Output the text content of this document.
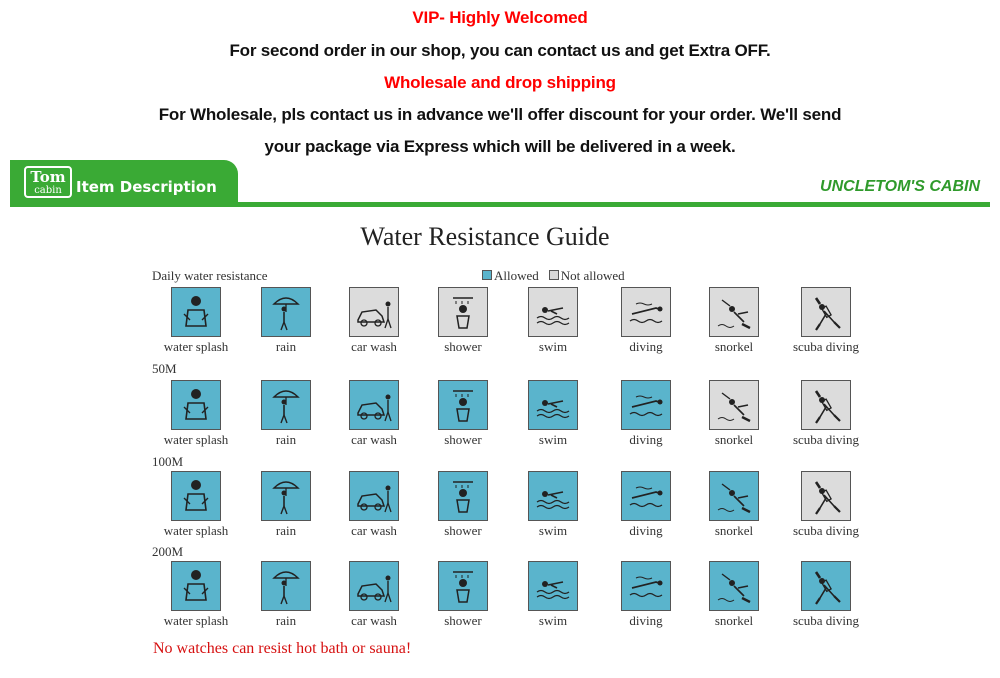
VIP- Highly Welcomed
For second order in our shop, you can contact us and get Extra OFF.
Wholesale and drop shipping
For Wholesale, pls contact us in advance we'll offer discount for your order. We'll send
your package via Express which will be delivered in a week.
Tom
cabin Item Description	UNCLETOM'S CABIN
Water Resistance Guide
Allowed	Not allowed
Daily water resistance
water splash	rain	car wash	shower	swim	diving	snorkel	scuba diving
50M
water splash	rain	car wash	shower	swim	diving	snorkel	scuba diving
100M
water splash	rain	car wash	shower	swim	diving	snorkel	scuba diving
200M
water splash	rain	car wash	shower	swim	diving	snorkel	scuba diving
No watches can resist hot bath or sauna!
